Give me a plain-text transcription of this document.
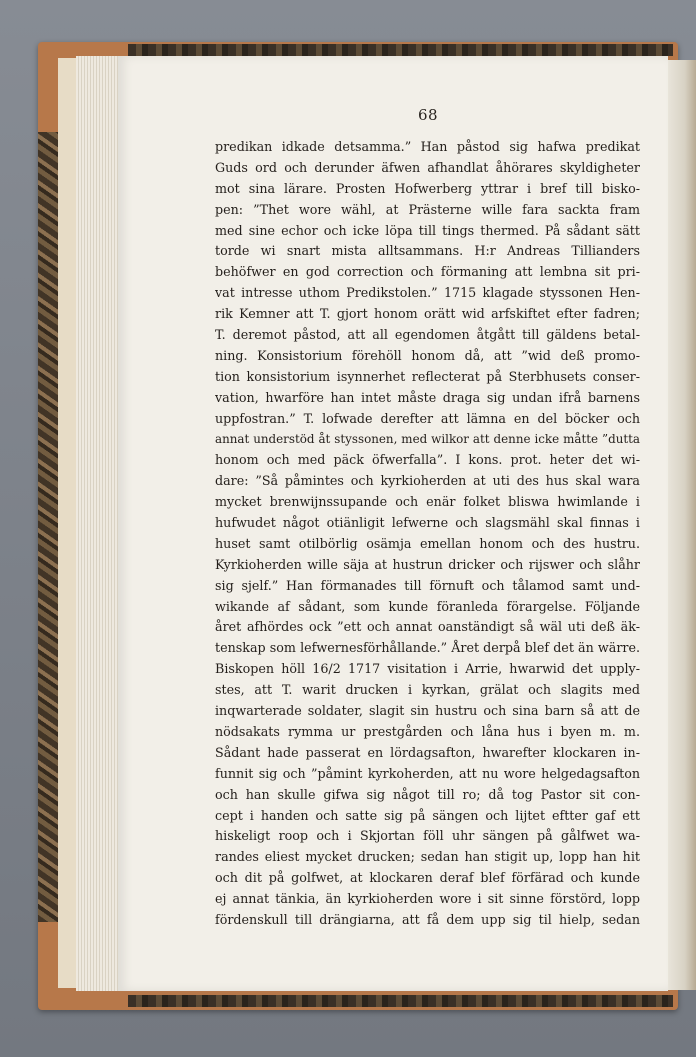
68
predikan idkade detsamma.” Han påstod sig hafwa predikat
Guds ord och derunder äfwen afhandlat åhörares skyldigheter
mot sina lärare. Prosten Hofwerberg yttrar i bref till bisko-
pen: ”Thet wore wähl, at Prästerne wille fara sackta fram
med sine echor och icke löpa till tings thermed. På sådant sätt
torde wi snart mista alltsammans. H:r Andreas Tillianders
behöfwer en god correction och förmaning att lembna sit pri-
vat intresse uthom Predikstolen.” 1715 klagade styssonen Hen-
rik Kemner att T. gjort honom orätt wid arfskiftet efter fadren;
T. deremot påstod, att all egendomen åtgått till gäldens betal-
ning. Konsistorium förehöll honom då, att ”wid deß promo-
tion konsistorium isynnerhet reflecterat på Sterbhusets conser-
vation, hwarföre han intet måste draga sig undan ifrå barnens
uppfostran.” T. lofwade derefter att lämna en del böcker och
annat understöd åt styssonen, med wilkor att denne icke måtte ”dutta
honom och med päck öfwerfalla”. I kons. prot. heter det wi-
dare: ”Så påmintes och kyrkioherden at uti des hus skal wara
mycket brenwijnssupande och enär folket bliswa hwimlande i
hufwudet något otiänligit lefwerne och slagsmähl skal finnas i
huset samt otilbörlig osämja emellan honom och des hustru.
Kyrkioherden wille säja at hustrun dricker och rijswer och slåhr
sig sjelf.” Han förmanades till förnuft och tålamod samt und-
wikande af sådant, som kunde föranleda förargelse. Följande
året afhördes ock ”ett och annat oanständigt så wäl uti deß äk-
tenskap som lefwernesförhållande.” Året derpå blef det än wärre.
Biskopen höll 16/2 1717 visitation i Arrie, hwarwid det upply-
stes, att T. warit drucken i kyrkan, grälat och slagits med
inqwarterade soldater, slagit sin hustru och sina barn så att de
nödsakats rymma ur prestgården och låna hus i byen m. m.
Sådant hade passerat en lördagsafton, hwarefter klockaren in-
funnit sig och ”påmint kyrkoherden, att nu wore helgedagsafton
och han skulle gifwa sig något till ro; då tog Pastor sit con-
cept i handen och satte sig på sängen och lijtet eftter gaf ett
hiskeligt roop och i Skjortan föll uhr sängen på gålfwet wa-
randes eliest mycket drucken; sedan han stigit up, lopp han hit
och dit på golfwet, at klockaren deraf blef förfärad och kunde
ej annat tänkia, än kyrkioherden wore i sit sinne förstörd, lopp
fördenskull till drängiarna, att få dem upp sig til hielp, sedan
